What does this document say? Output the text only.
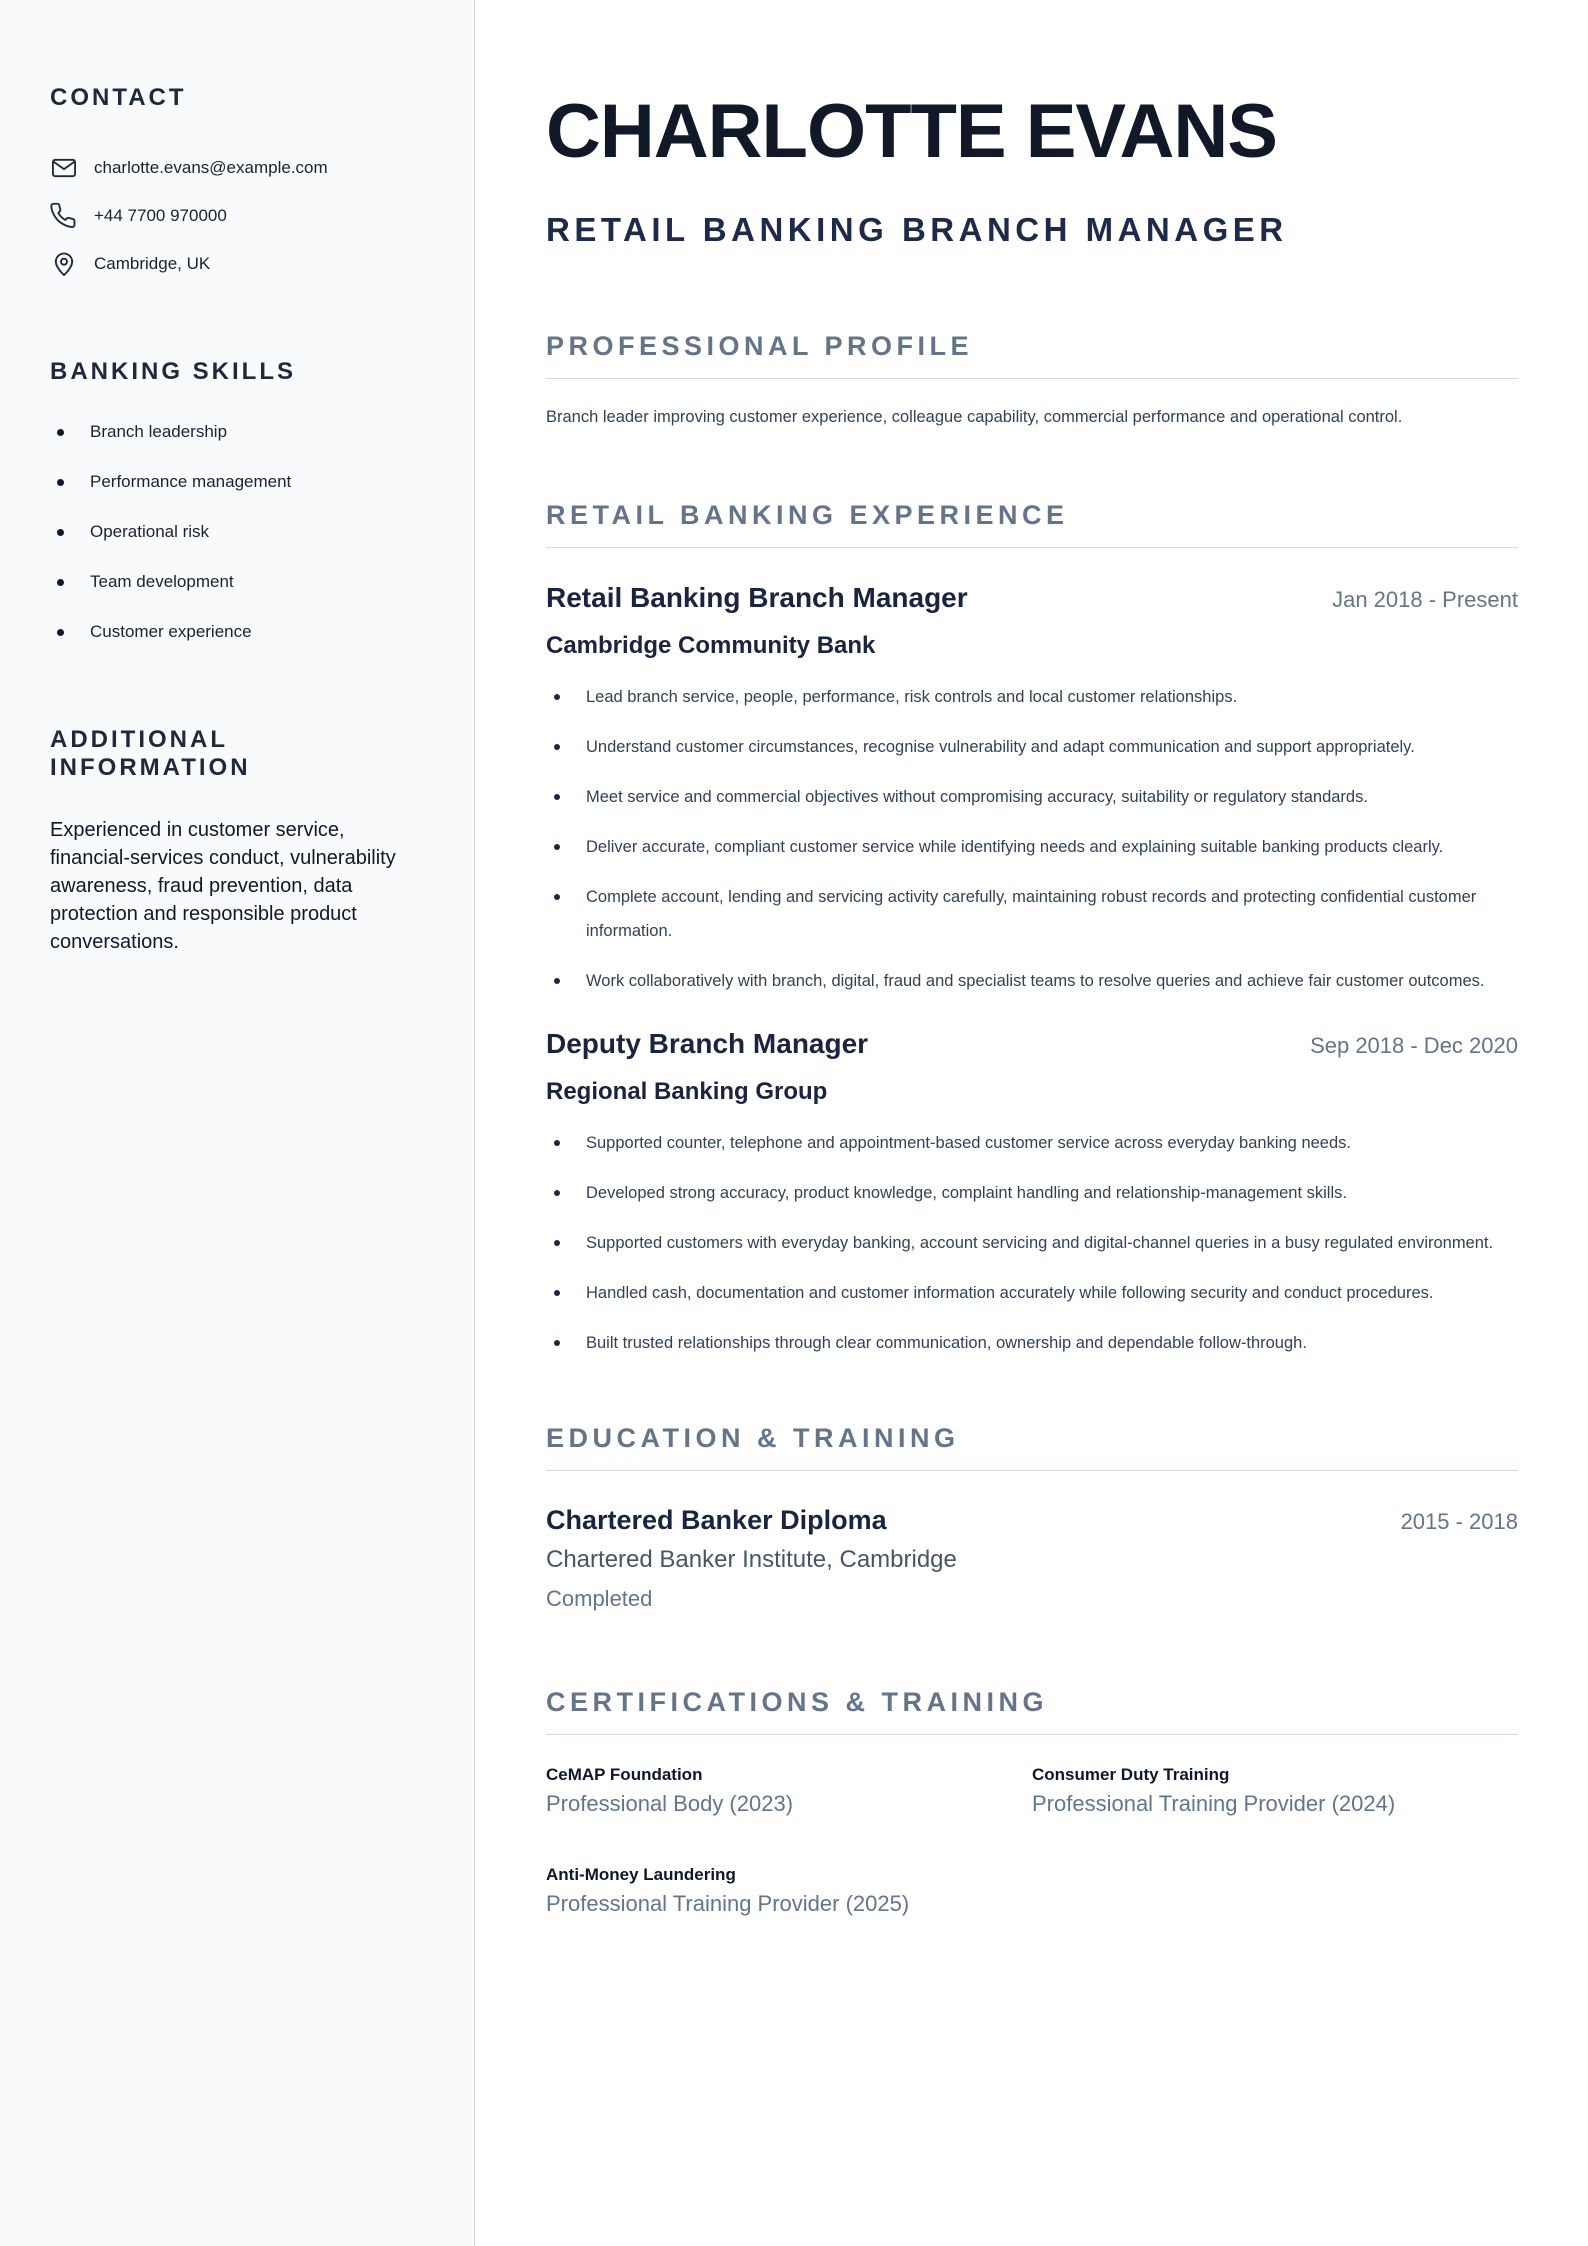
CONTACT
charlotte.evans@example.com
+44 7700 970000
Cambridge, UK
BANKING SKILLS
Branch leadership
Performance management
Operational risk
Team development
Customer experience
ADDITIONAL INFORMATION

Experienced in customer service, financial-services conduct, vulnerability awareness, fraud prevention, data protection and responsible product conversations.

CHARLOTTE EVANS
RETAIL BANKING BRANCH MANAGER
PROFESSIONAL PROFILE

Branch leader improving customer experience, colleague capability, commercial performance and operational control.

RETAIL BANKING EXPERIENCE
Retail Banking Branch Manager	Jan 2018 - Present
Cambridge Community Bank
Lead branch service, people, performance, risk controls and local customer relationships.
Understand customer circumstances, recognise vulnerability and adapt communication and support appropriately.
Meet service and commercial objectives without compromising accuracy, suitability or regulatory standards.
Deliver accurate, compliant customer service while identifying needs and explaining suitable banking products clearly.
Complete account, lending and servicing activity carefully, maintaining robust records and protecting confidential customer information.
Work collaboratively with branch, digital, fraud and specialist teams to resolve queries and achieve fair customer outcomes.
Deputy Branch Manager	Sep 2018 - Dec 2020
Regional Banking Group
Supported counter, telephone and appointment-based customer service across everyday banking needs.
Developed strong accuracy, product knowledge, complaint handling and relationship-management skills.
Supported customers with everyday banking, account servicing and digital-channel queries in a busy regulated environment.
Handled cash, documentation and customer information accurately while following security and conduct procedures.
Built trusted relationships through clear communication, ownership and dependable follow-through.
EDUCATION & TRAINING
Chartered Banker Diploma	2015 - 2018
Chartered Banker Institute, Cambridge
Completed
CERTIFICATIONS & TRAINING
CeMAP Foundation
Professional Body (2023)
Consumer Duty Training
Professional Training Provider (2024)
Anti-Money Laundering
Professional Training Provider (2025)
